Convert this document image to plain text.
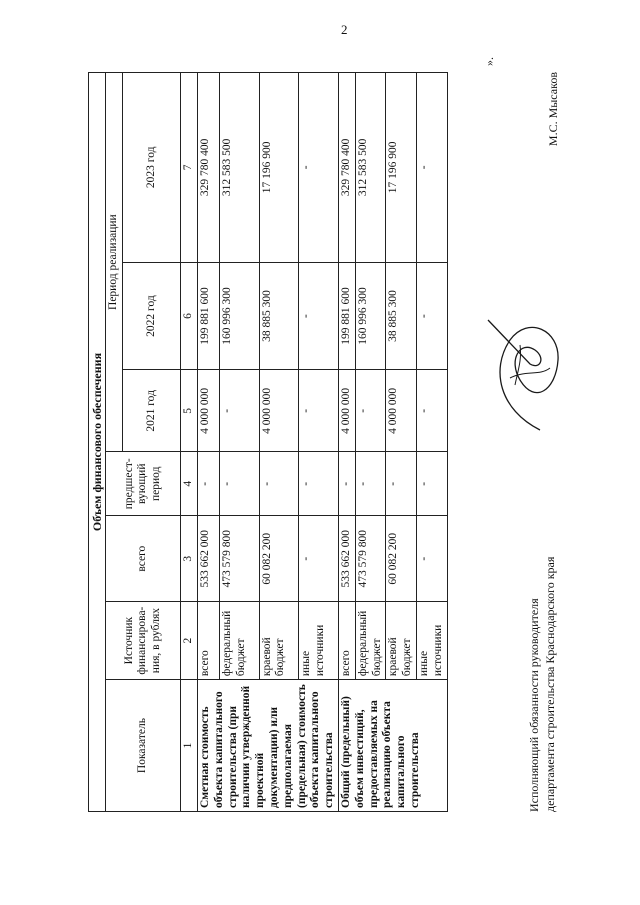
2
Объем финансового обеспечения						
Показатель	Источник финансирова-ния, в рублях	всего	предшест-вующий период	Период реализации		
				2021 год	2022 год	2023 год
1	2	3	4	5	6	7
Сметная стоимость объекта капитального строительства (при наличии утвержденной проектной документации) или предполагаемая (предельная) стоимость объекта капитального строительства	всего	533 662 000	-	4 000 000	199 881 600	329 780 400
	федеральный бюджет	473 579 800	-	-	160 996 300	312 583 500
	краевой бюджет	60 082 200	-	4 000 000	38 885 300	17 196 900
	иные источники	-	-	-	-	-
Общий (предельный) объем инвестиций, предоставляемых на реализацию объекта капитального строительства	всего	533 662 000	-	4 000 000	199 881 600	329 780 400
	федеральный бюджет	473 579 800	-	-	160 996 300	312 583 500
	краевой бюджет	60 082 200	-	4 000 000	38 885 300	17 196 900
	иные источники	-	-	-	-	-
».
Исполняющий обязанности руководителя департамента строительства Краснодарского края
М.С. Мысаков
